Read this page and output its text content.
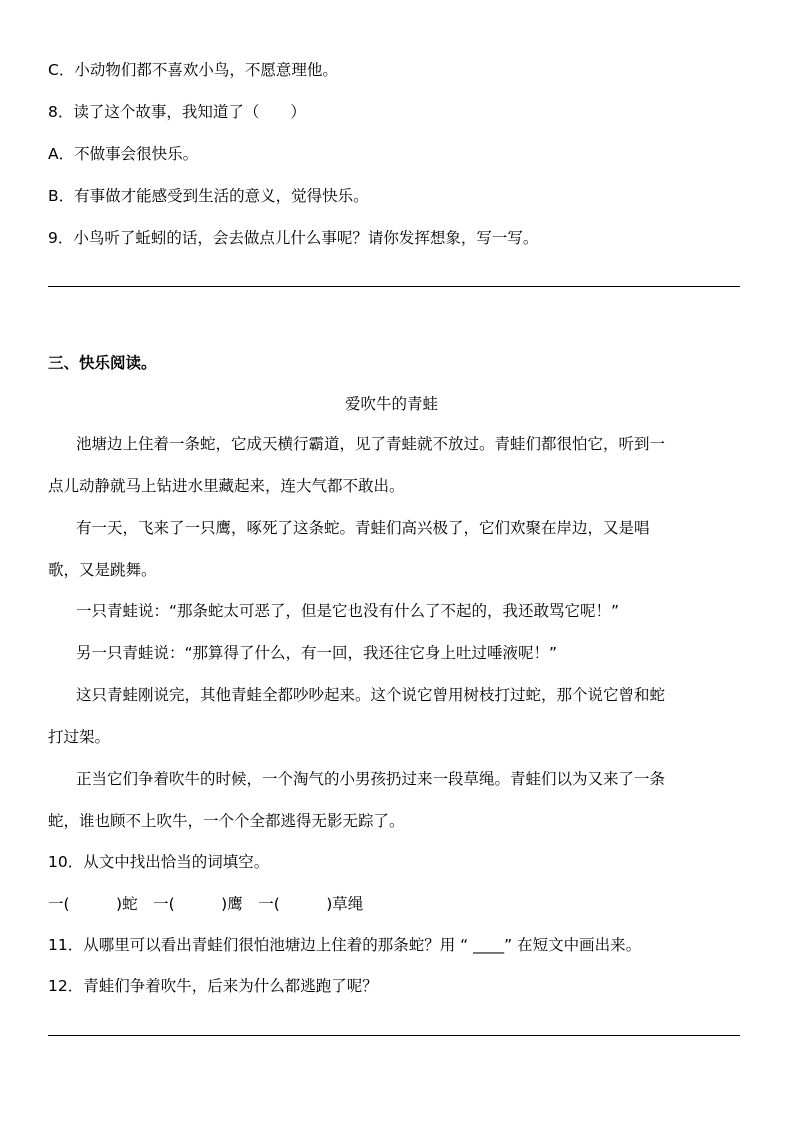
C．小动物们都不喜欢小鸟，不愿意理他。
8．读了这个故事，我知道了（　　）
A．不做事会很快乐。
B．有事做才能感受到生活的意义，觉得快乐。
9．小鸟听了蚯蚓的话，会去做点儿什么事呢？请你发挥想象，写一写。
三、快乐阅读。
爱吹牛的青蛙
池塘边上住着一条蛇，它成天横行霸道，见了青蛙就不放过。青蛙们都很怕它，听到一
点儿动静就马上钻进水里藏起来，连大气都不敢出。
有一天，飞来了一只鹰，啄死了这条蛇。青蛙们高兴极了，它们欢聚在岸边，又是唱
歌，又是跳舞。
一只青蛙说：“那条蛇太可恶了，但是它也没有什么了不起的，我还敢骂它呢！”
另一只青蛙说：“那算得了什么，有一回，我还往它身上吐过唾液呢！”
这只青蛙刚说完，其他青蛙全都吵吵起来。这个说它曾用树枝打过蛇，那个说它曾和蛇
打过架。
正当它们争着吹牛的时候，一个淘气的小男孩扔过来一段草绳。青蛙们以为又来了一条
蛇，谁也顾不上吹牛，一个个全都逃得无影无踪了。
10．从文中找出恰当的词填空。
一(　　　)蛇　一(　　　)鹰　一(　　　)草绳
11．从哪里可以看出青蛙们很怕池塘边上住着的那条蛇？用 “ ____” 在短文中画出来。
12．青蛙们争着吹牛，后来为什么都逃跑了呢？
